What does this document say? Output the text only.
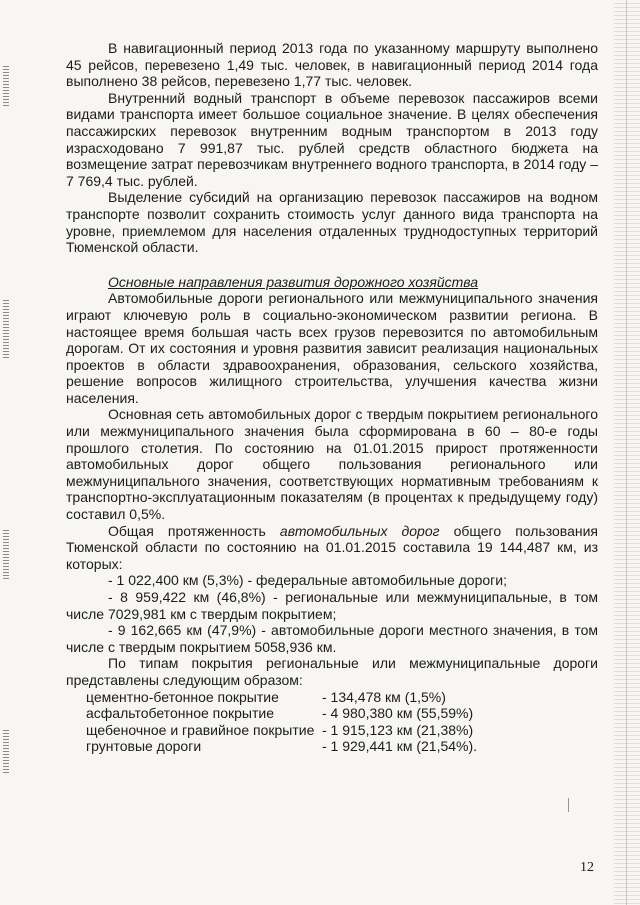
В навигационный период 2013 года по указанному маршруту выполнено 45 рейсов, перевезено 1,49 тыс. человек, в навигационный период 2014 года выполнено 38 рейсов, перевезено 1,77 тыс. человек.

Внутренний водный транспорт в объеме перевозок пассажиров всеми видами транспорта имеет большое социальное значение. В целях обеспечения пассажирских перевозок внутренним водным транспортом в 2013 году израсходовано 7 991,87 тыс. рублей средств областного бюджета на возмещение затрат перевозчикам внутреннего водного транспорта, в 2014 году – 7 769,4 тыс. рублей.

Выделение субсидий на организацию перевозок пассажиров на водном транспорте позволит сохранить стоимость услуг данного вида транспорта на уровне, приемлемом для населения отдаленных труднодоступных территорий Тюменской области.

Основные направления развития дорожного хозяйства

Автомобильные дороги регионального или межмуниципального значения играют ключевую роль в социально-экономическом развитии региона. В настоящее время большая часть всех грузов перевозится по автомобильным дорогам. От их состояния и уровня развития зависит реализация национальных проектов в области здравоохранения, образования, сельского хозяйства, решение вопросов жилищного строительства, улучшения качества жизни населения.

Основная сеть автомобильных дорог с твердым покрытием регионального или межмуниципального значения была сформирована в 60 – 80-е годы прошлого столетия. По состоянию на 01.01.2015 прирост протяженности автомобильных дорог общего пользования регионального или межмуниципального значения, соответствующих нормативным требованиям к транспортно-эксплуатационным показателям (в процентах к предыдущему году) составил 0,5%.

Общая протяженность автомобильных дорог общего пользования Тюменской области по состоянию на 01.01.2015 составила 19 144,487 км, из которых:

- 1 022,400 км (5,3%) - федеральные автомобильные дороги;

- 8 959,422 км (46,8%) - региональные или межмуниципальные, в том числе 7029,981 км с твердым покрытием;

- 9 162,665 км (47,9%) - автомобильные дороги местного значения, в том числе с твердым покрытием 5058,936 км.

По типам покрытия региональные или межмуниципальные дороги представлены следующим образом:

цементно-бетонное покрытие	- 134,478 км (1,5%)
асфальтобетонное покрытие	- 4 980,380 км (55,59%)
щебеночное и гравийное покрытие	- 1 915,123 км (21,38%)
грунтовые дороги	- 1 929,441 км (21,54%).
12
